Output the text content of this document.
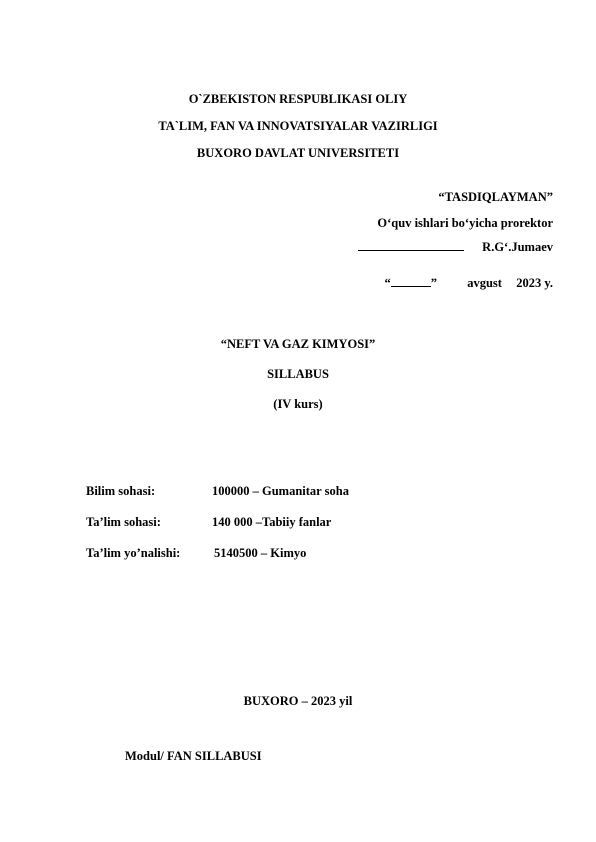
O`ZBEKISTON RESPUBLIKASI OLIY
TA`LIM, FAN VA INNOVATSIYALAR VAZIRLIGI
BUXORO DAVLAT UNIVERSITETI
“TASDIQLAYMAN”
O‘quv ishlari bo‘yicha prorektor
R.G‘.Jumaev
“	” avgust 2023 y.
“NEFT VA GAZ KIMYOSI”
SILLABUS
(IV kurs)
Bilim sohasi:	100000 – Gumanitar soha
Ta’lim sohasi:	140 000 –Tabiiy fanlar
Ta’lim yo’nalishi:	5140500 – Kimyo
BUXORO – 2023 yil
Modul/ FAN SILLABUSI
